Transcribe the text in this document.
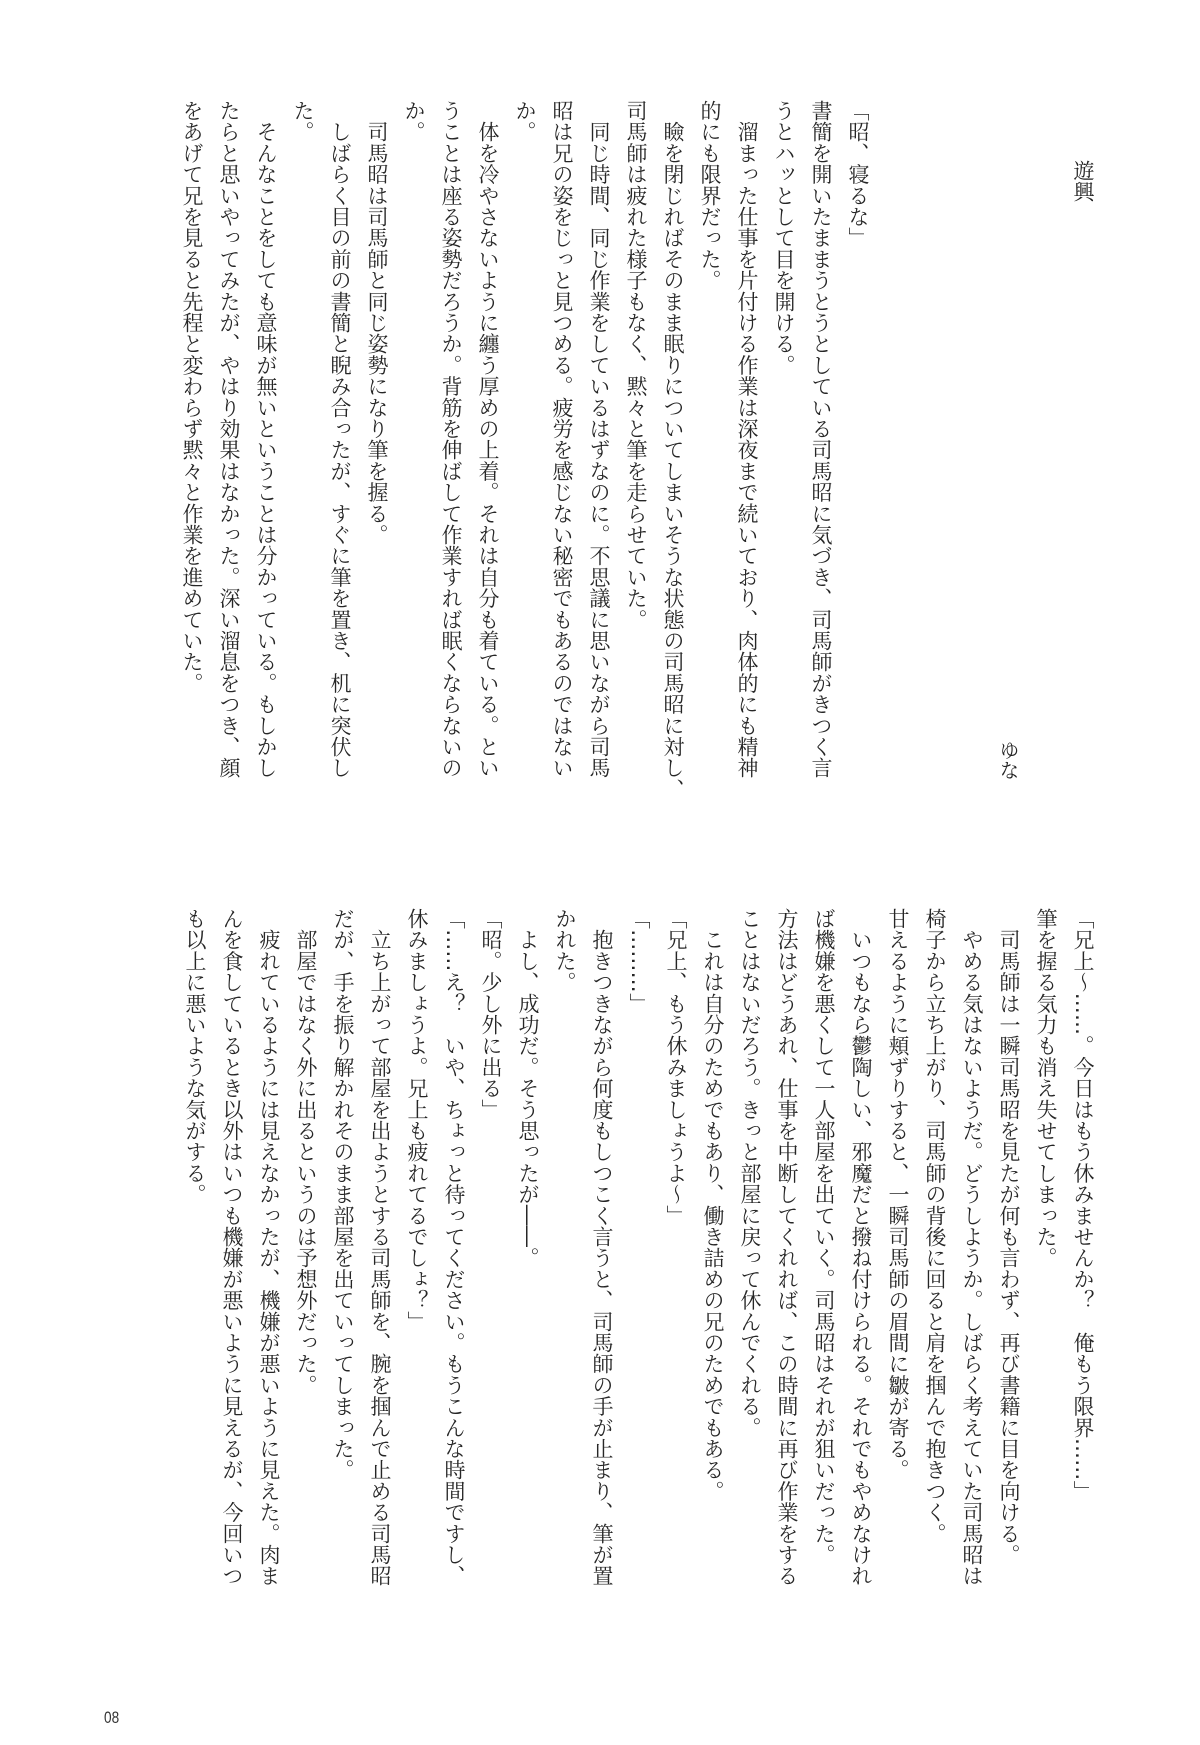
遊興
ゆな
「昭、寝るな」
書簡を開いたままうとうとしている司馬昭に気づき、司馬師がきつく言
うとハッとして目を開ける。
　溜まった仕事を片付ける作業は深夜まで続いており、肉体的にも精神
的にも限界だった。
　瞼を閉じればそのまま眠りについてしまいそうな状態の司馬昭に対し、
司馬師は疲れた様子もなく、黙々と筆を走らせていた。
　同じ時間、同じ作業をしているはずなのに。不思議に思いながら司馬
昭は兄の姿をじっと見つめる。疲労を感じない秘密でもあるのではない
か。
　体を冷やさないように纏う厚めの上着。それは自分も着ている。とい
うことは座る姿勢だろうか。背筋を伸ばして作業すれば眠くならないの
か。
　司馬昭は司馬師と同じ姿勢になり筆を握る。
　しばらく目の前の書簡と睨み合ったが、すぐに筆を置き、机に突伏し
た。
　そんなことをしても意味が無いということは分かっている。もしかし
たらと思いやってみたが、やはり効果はなかった。深い溜息をつき、顔
をあげて兄を見ると先程と変わらず黙々と作業を進めていた。
「兄上～……。今日はもう休みませんか？　俺もう限界……」
筆を握る気力も消え失せてしまった。
　司馬師は一瞬司馬昭を見たが何も言わず、再び書籍に目を向ける。
　やめる気はないようだ。どうしようか。しばらく考えていた司馬昭は
椅子から立ち上がり、司馬師の背後に回ると肩を掴んで抱きつく。
甘えるように頬ずりすると、一瞬司馬師の眉間に皺が寄る。
　いつもなら鬱陶しい、邪魔だと撥ね付けられる。それでもやめなけれ
ば機嫌を悪くして一人部屋を出ていく。司馬昭はそれが狙いだった。
方法はどうあれ、仕事を中断してくれれば、この時間に再び作業をする
ことはないだろう。きっと部屋に戻って休んでくれる。
　これは自分のためでもあり、働き詰めの兄のためでもある。
「兄上、もう休みましょうよ～」
「………」
　抱きつきながら何度もしつこく言うと、司馬師の手が止まり、筆が置
かれた。
　よし、成功だ。そう思ったが――。
「昭。少し外に出る」
「……え？　いや、ちょっと待ってください。もうこんな時間ですし、
休みましょうよ。兄上も疲れてるでしょ？」
　立ち上がって部屋を出ようとする司馬師を、腕を掴んで止める司馬昭
だが、手を振り解かれそのまま部屋を出ていってしまった。
　部屋ではなく外に出るというのは予想外だった。
　疲れているようには見えなかったが、機嫌が悪いように見えた。肉ま
んを食しているとき以外はいつも機嫌が悪いように見えるが、今回いつ
も以上に悪いような気がする。
08
